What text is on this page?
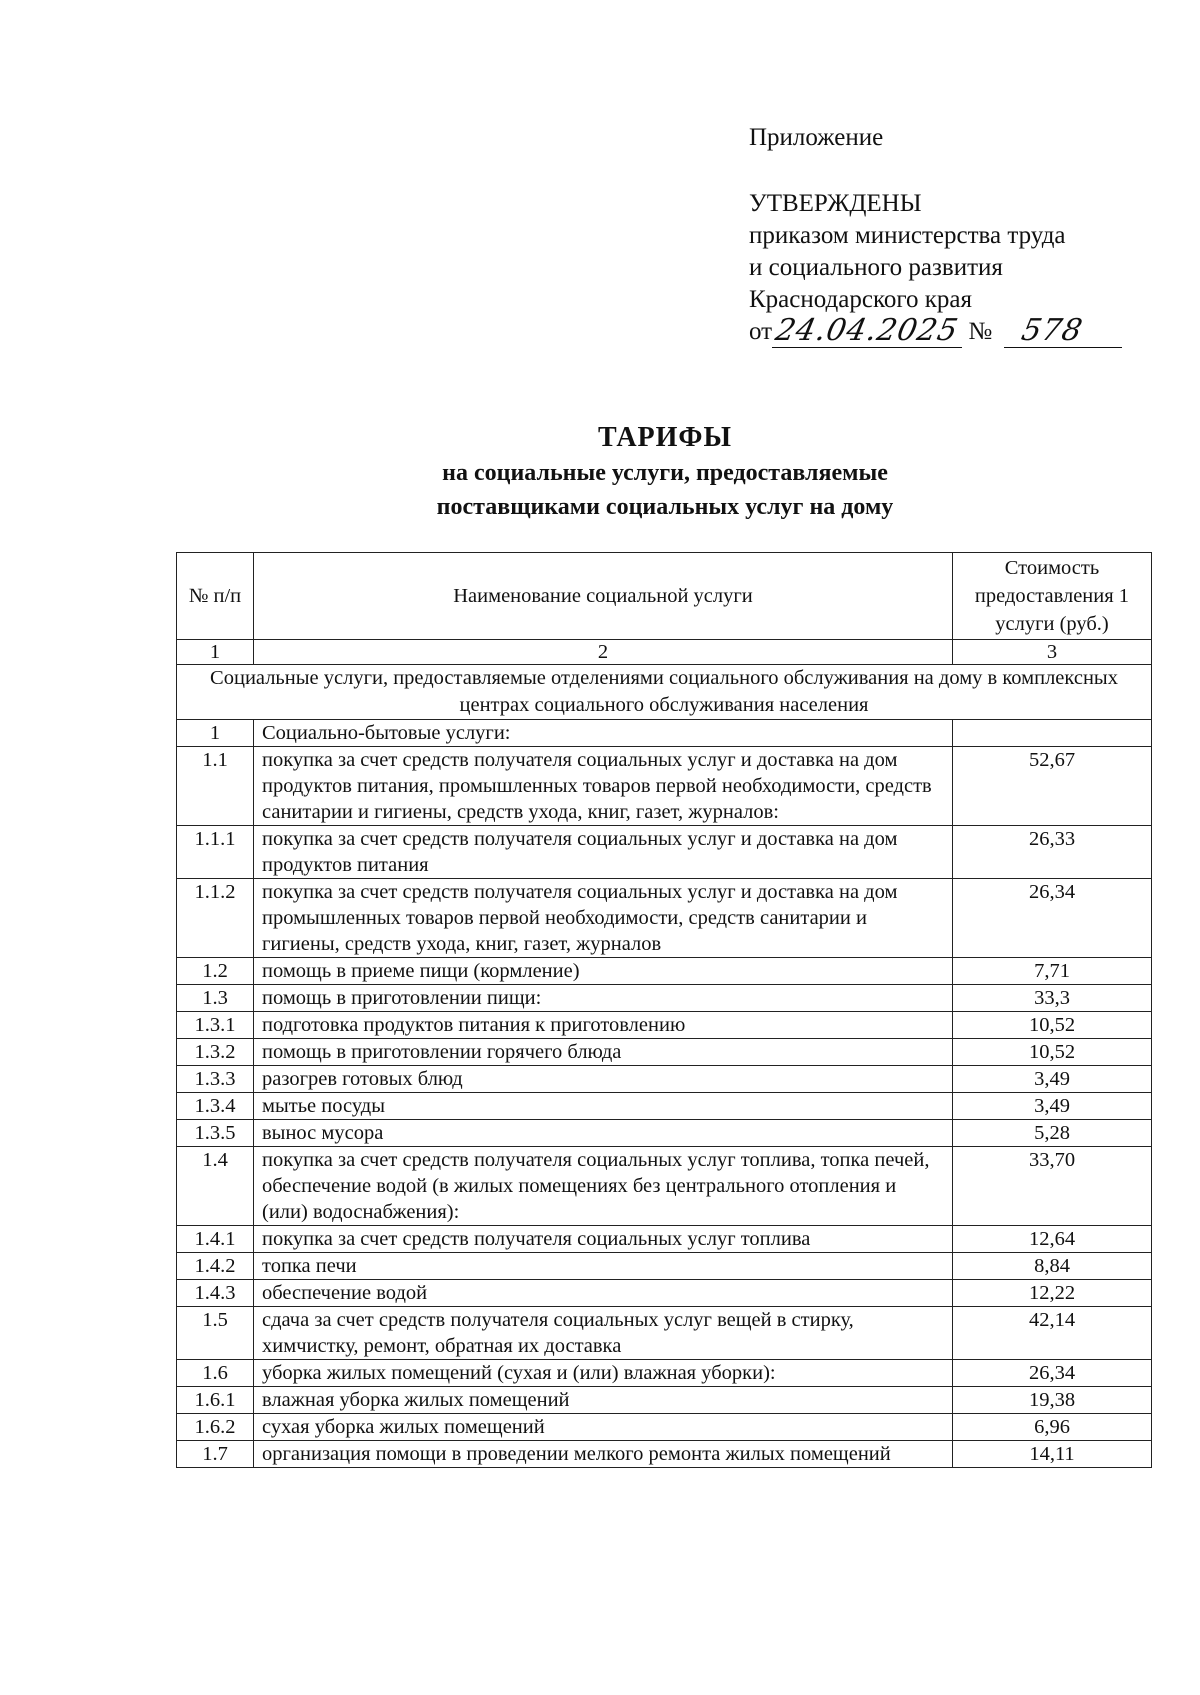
Приложение
УТВЕРЖДЕНЫ
приказом министерства труда
и социального развития
Краснодарского края
от 24.04.2025 № 578
ТАРИФЫ
на социальные услуги, предоставляемые
поставщиками социальных услуг на дому
№ п/п	Наименование социальной услуги	Стоимость предоставления 1 услуги (руб.)
1	2	3
Социальные услуги, предоставляемые отделениями социального обслуживания на дому в комплексных центрах социального обслуживания населения		
1	Социально-бытовые услуги:	
1.1	покупка за счет средств получателя социальных услуг и доставка на дом продуктов питания, промышленных товаров первой необходимости, средств санитарии и гигиены, средств ухода, книг, газет, журналов:	52,67
1.1.1	покупка за счет средств получателя социальных услуг и доставка на дом продуктов питания	26,33
1.1.2	покупка за счет средств получателя социальных услуг и доставка на дом промышленных товаров первой необходимости, средств санитарии и гигиены, средств ухода, книг, газет, журналов	26,34
1.2	помощь в приеме пищи (кормление)	7,71
1.3	помощь в приготовлении пищи:	33,3
1.3.1	подготовка продуктов питания к приготовлению	10,52
1.3.2	помощь в приготовлении горячего блюда	10,52
1.3.3	разогрев готовых блюд	3,49
1.3.4	мытье посуды	3,49
1.3.5	вынос мусора	5,28
1.4	покупка за счет средств получателя социальных услуг топлива, топка печей, обеспечение водой (в жилых помещениях без центрального отопления и (или) водоснабжения):	33,70
1.4.1	покупка за счет средств получателя социальных услуг топлива	12,64
1.4.2	топка печи	8,84
1.4.3	обеспечение водой	12,22
1.5	сдача за счет средств получателя социальных услуг вещей в стирку, химчистку, ремонт, обратная их доставка	42,14
1.6	уборка жилых помещений (сухая и (или) влажная уборки):	26,34
1.6.1	влажная уборка жилых помещений	19,38
1.6.2	сухая уборка жилых помещений	6,96
1.7	организация помощи в проведении мелкого ремонта жилых помещений	14,11
